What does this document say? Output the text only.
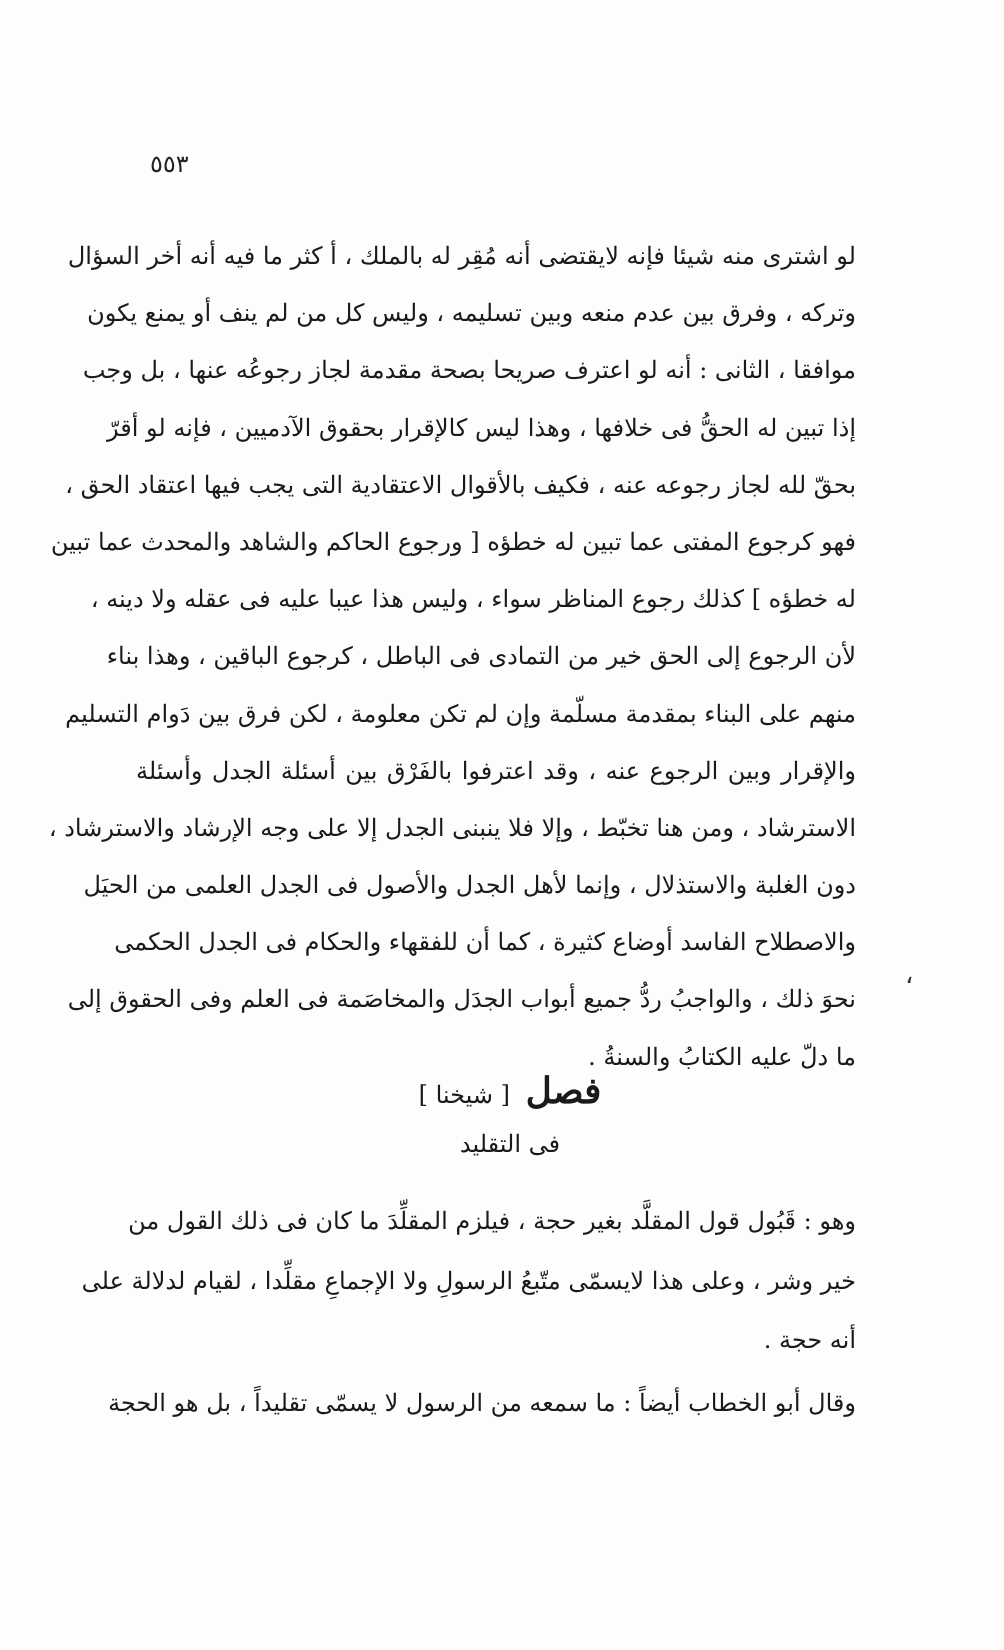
٥٥٣
لو اشترى منه شيئا فإنه لايقتضى أنه مُقِر له بالملك ، أ كثر ما فيه أنه أخر السؤال
وتركه ، وفرق بين عدم منعه وبين تسليمه ، وليس كل من لم ينف أو يمنع يكون
موافقا ، الثانى : أنه لو اعترف صريحا بصحة مقدمة لجاز رجوعُه عنها ، بل وجب
إذا تبين له الحقُّ فى خلافها ، وهذا ليس كالإقرار بحقوق الآدميين ، فإنه لو أقرّ
بحقّ لله لجاز رجوعه عنه ، فكيف بالأقوال الاعتقادية التى يجب فيها اعتقاد الحق ،
فهو كرجوع المفتى عما تبين له خطؤه [ ورجوع الحاكم والشاهد والمحدث عما تبين
له خطؤه ] كذلك رجوع المناظر سواء ، وليس هذا عيبا عليه فى عقله ولا دينه ،
لأن الرجوع إلى الحق خير من التمادى فى الباطل ، كرجوع الباقين ، وهذا بناء
منهم على البناء بمقدمة مسلّمة وإن لم تكن معلومة ، لكن فرق بين دَوام التسليم
والإقرار وبين الرجوع عنه ، وقد اعترفوا بالفَرْق بين أسئلة الجدل وأسئلة
الاسترشاد ، ومن هنا تخبّط ، وإلا فلا ينبنى الجدل إلا على وجه الإرشاد والاسترشاد ،
دون الغلبة والاستذلال ، وإنما لأهل الجدل والأصول فى الجدل العلمى من الحيَل
والاصطلاح الفاسد أوضاع كثيرة ، كما أن للفقهاء والحكام فى الجدل الحكمى
نحوَ ذلك ، والواجبُ ردُّ جميع أبواب الجدَل والمخاصَمة فى العلم وفى الحقوق إلى
ما دلّ عليه الكتابُ والسنةُ .
،
فصل [ شيخنا ]
فى التقليد
وهو : قَبُول قول المقلَّد بغير حجة ، فيلزم المقلِّدَ ما كان فى ذلك القول من
خير وشر ، وعلى هذا لايسمّى متّبعُ الرسولِ ولا الإجماعِ مقلِّدا ، لقيام لدلالة على
أنه حجة .
وقال أبو الخطاب أيضاً : ما سمعه من الرسول لا يسمّى تقليداً ، بل هو الحجة
